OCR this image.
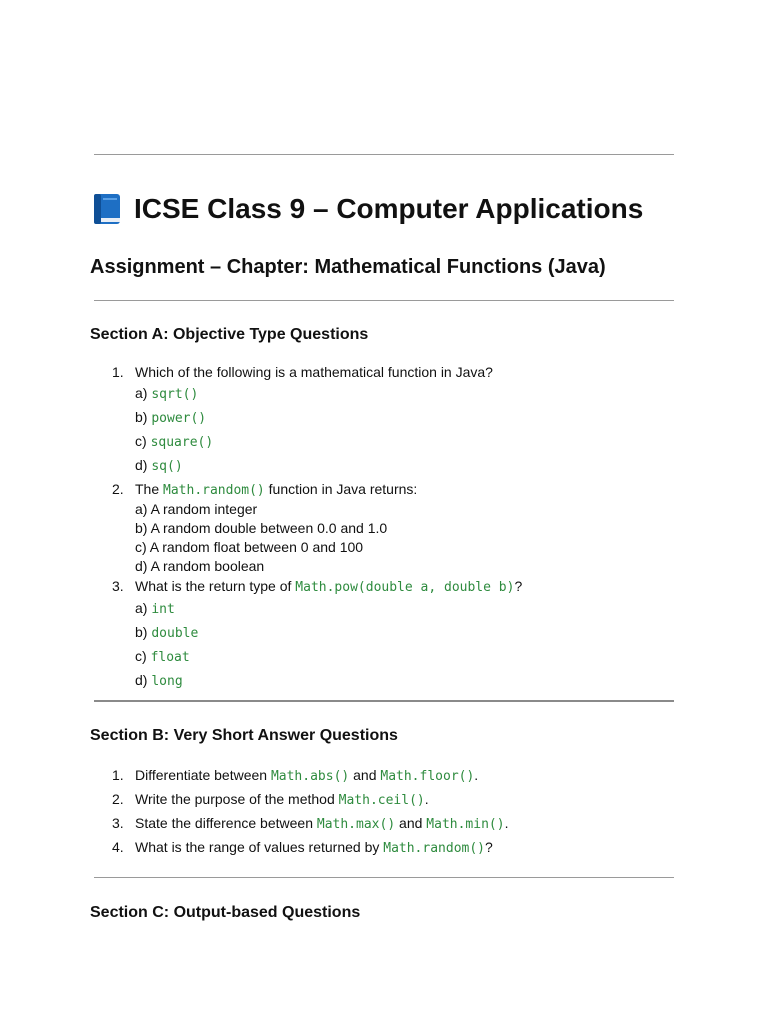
ICSE Class 9 – Computer Applications
Assignment – Chapter: Mathematical Functions (Java)
Section A: Objective Type Questions
1. Which of the following is a mathematical function in Java?
a) sqrt()
b) power()
c) square()
d) sq()
2. The Math.random() function in Java returns:
a) A random integer
b) A random double between 0.0 and 1.0
c) A random float between 0 and 100
d) A random boolean
3. What is the return type of Math.pow(double a, double b)?
a) int
b) double
c) float
d) long
Section B: Very Short Answer Questions
1. Differentiate between Math.abs() and Math.floor().
2. Write the purpose of the method Math.ceil().
3. State the difference between Math.max() and Math.min().
4. What is the range of values returned by Math.random()?
Section C: Output-based Questions
